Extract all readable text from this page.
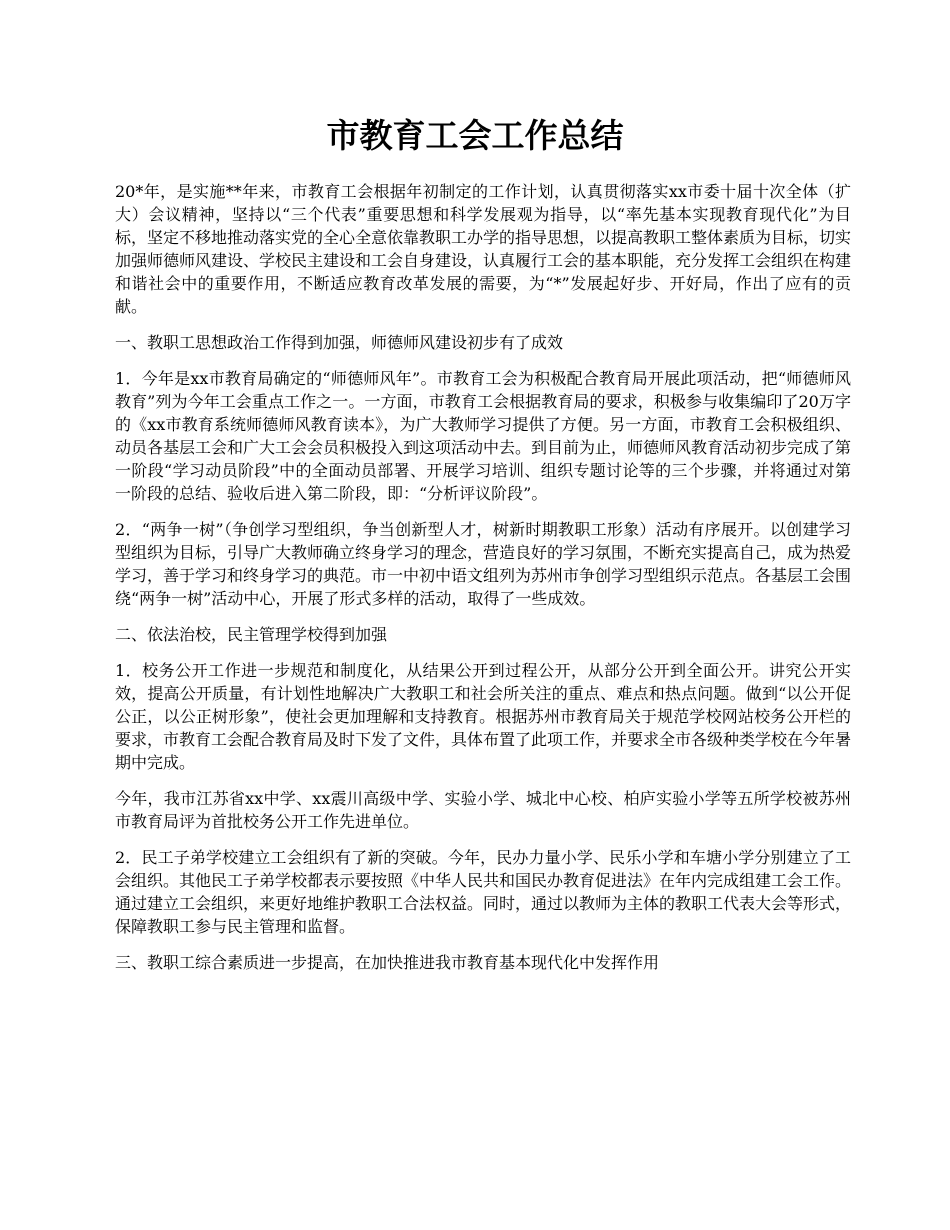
市教育工会工作总结

20*年，是实施**年来，市教育工会根据年初制定的工作计划，认真贯彻落实xx市委十届十次全体（扩大）会议精神，坚持以“三个代表”重要思想和科学发展观为指导，以“率先基本实现教育现代化”为目标，坚定不移地推动落实党的全心全意依靠教职工办学的指导思想，以提高教职工整体素质为目标，切实加强师德师风建设、学校民主建设和工会自身建设，认真履行工会的基本职能，充分发挥工会组织在构建和谐社会中的重要作用，不断适应教育改革发展的需要，为“*”发展起好步、开好局，作出了应有的贡献。

一、教职工思想政治工作得到加强，师德师风建设初步有了成效

1．今年是xx市教育局确定的“师德师风年”。市教育工会为积极配合教育局开展此项活动，把“师德师风教育”列为今年工会重点工作之一。一方面，市教育工会根据教育局的要求，积极参与收集编印了20万字的《xx市教育系统师德师风教育读本》，为广大教师学习提供了方便。另一方面，市教育工会积极组织、动员各基层工会和广大工会会员积极投入到这项活动中去。到目前为止，师德师风教育活动初步完成了第一阶段“学习动员阶段”中的全面动员部署、开展学习培训、组织专题讨论等的三个步骤，并将通过对第一阶段的总结、验收后进入第二阶段，即：“分析评议阶段”。

2．“两争一树”（争创学习型组织，争当创新型人才，树新时期教职工形象）活动有序展开。以创建学习型组织为目标，引导广大教师确立终身学习的理念，营造良好的学习氛围，不断充实提高自己，成为热爱学习，善于学习和终身学习的典范。市一中初中语文组列为苏州市争创学习型组织示范点。各基层工会围绕“两争一树”活动中心，开展了形式多样的活动，取得了一些成效。

二、依法治校，民主管理学校得到加强

1．校务公开工作进一步规范和制度化，从结果公开到过程公开，从部分公开到全面公开。讲究公开实效，提高公开质量，有计划性地解决广大教职工和社会所关注的重点、难点和热点问题。做到“以公开促公正，以公正树形象”，使社会更加理解和支持教育。根据苏州市教育局关于规范学校网站校务公开栏的要求，市教育工会配合教育局及时下发了文件，具体布置了此项工作，并要求全市各级种类学校在今年暑期中完成。

今年，我市江苏省xx中学、xx震川高级中学、实验小学、城北中心校、柏庐实验小学等五所学校被苏州市教育局评为首批校务公开工作先进单位。

2．民工子弟学校建立工会组织有了新的突破。今年，民办力量小学、民乐小学和车塘小学分别建立了工会组织。其他民工子弟学校都表示要按照《中华人民共和国民办教育促进法》在年内完成组建工会工作。通过建立工会组织，来更好地维护教职工合法权益。同时，通过以教师为主体的教职工代表大会等形式，保障教职工参与民主管理和监督。

三、教职工综合素质进一步提高，在加快推进我市教育基本现代化中发挥作用
